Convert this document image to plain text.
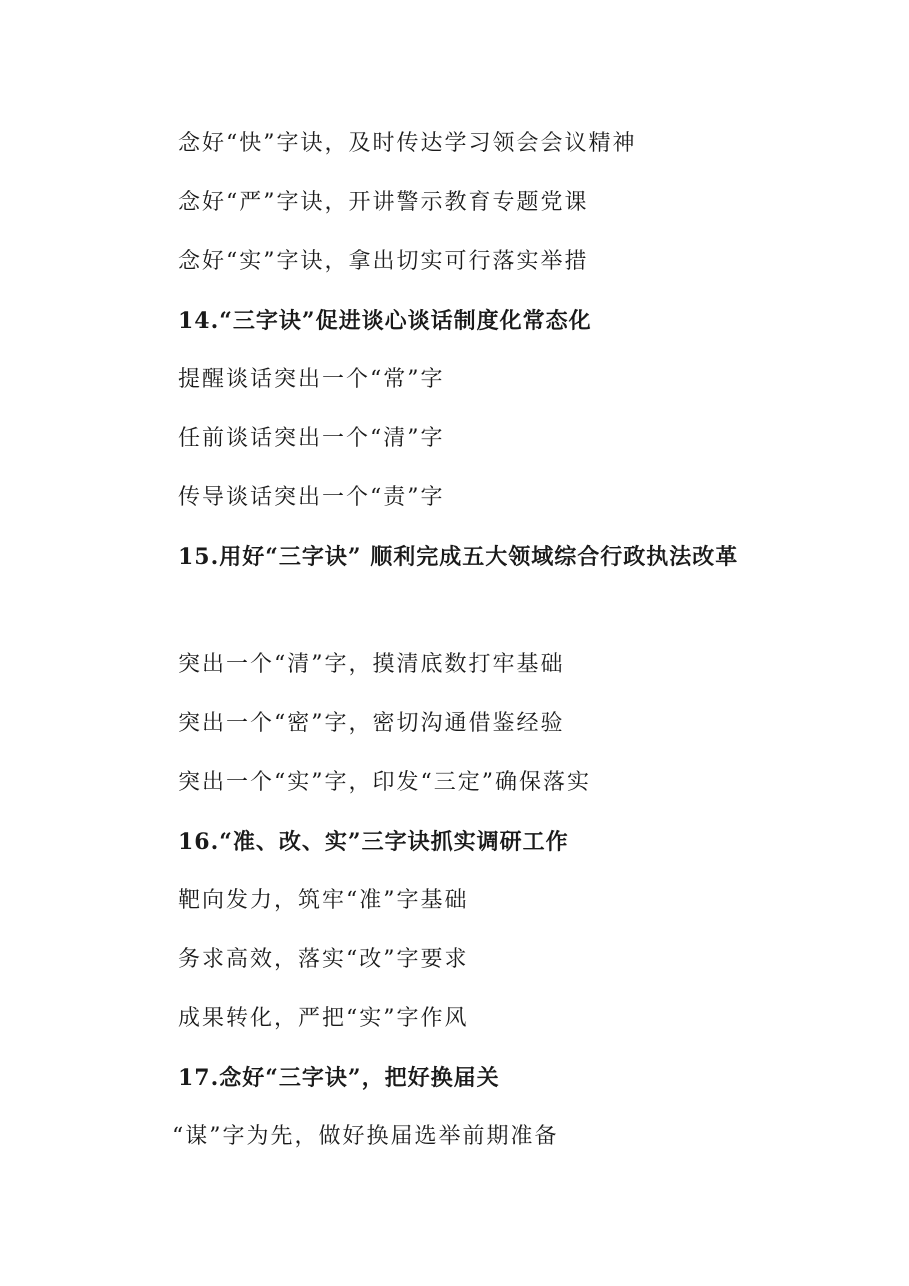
念好“快”字诀，及时传达学习领会会议精神
念好“严”字诀，开讲警示教育专题党课
念好“实”字诀，拿出切实可行落实举措
14.“三字诀”促进谈心谈话制度化常态化
提醒谈话突出一个“常”字
任前谈话突出一个“清”字
传导谈话突出一个“责”字
15.用好“三字诀” 顺利完成五大领域综合行政执法改革
突出一个“清”字，摸清底数打牢基础
突出一个“密”字，密切沟通借鉴经验
突出一个“实”字，印发“三定”确保落实
16.“准、改、实”三字诀抓实调研工作
靶向发力，筑牢“准”字基础
务求高效，落实“改”字要求
成果转化，严把“实”字作风
17.念好“三字诀”，把好换届关
“谋”字为先，做好换届选举前期准备
